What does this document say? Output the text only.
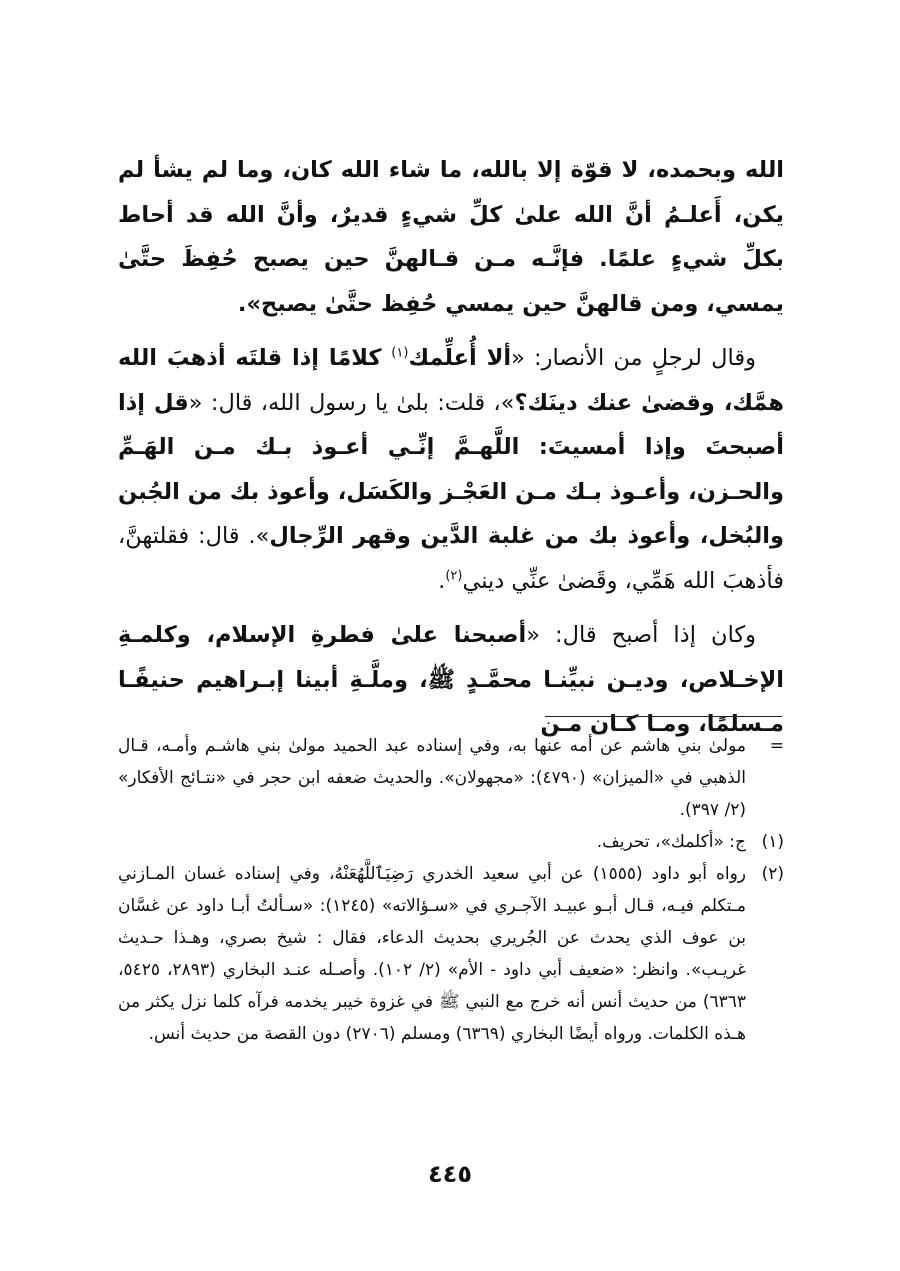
الله وبحمده، لا قوّة إلا بالله، ما شاء الله كان، وما لم يشأ لم يكن، أَعلـمُ أنَّ الله علىٰ كلِّ شيءٍ قديرٌ، وأنَّ الله قد أحاط بكلِّ شيءٍ علمًا. فإنَّـه مـن قـالهنَّ حين يصبح حُفِظَ حتَّىٰ يمسي، ومن قالهنَّ حين يمسي حُفِظ حتَّىٰ يصبح».

وقال لرجلٍ من الأنصار: «ألا أُعلِّمك$^{(١)}$ كلامًا إذا قلتَه أذهبَ الله همَّك، وقضىٰ عنك دينَك؟»، قلت: بلىٰ يا رسول الله، قال: «قل إذا أصبحتَ وإذا أمسيتَ: اللَّهـمَّ إنِّـي أعـوذ بـك مـن الهَـمِّ والحـزن، وأعـوذ بـك مـن العَجْـز والكَسَل، وأعوذ بك من الجُبن والبُخل، وأعوذ بك من غلبة الدَّين وقهر الرِّجال». قال: فقلتهنَّ، فأذهبَ الله هَمِّي، وقَضىٰ عنِّي ديني$^{(٢)}$.

وكان إذا أصبح قال: «أصبحنا علىٰ فطرةِ الإسلام، وكلمـةِ الإخـلاص، وديـن نبيِّنـا محمَّـدٍ ﷺ، وملَّـةِ أبينا إبـراهيم حنيفًـا مـسلمًا، ومـا كـان مـن

=
مولىٰ بني هاشم عن أمه عنها به، وفي إسناده عبد الحميد مولىٰ بني هاشـم وأمـه، قـال الذهبي في «الميزان» (٤٧٩٠): «مجهولان». والحديث ضعفه ابن حجر في «نتـائج الأفكار» (٢/ ٣٩٧).
(١)
ج: «أكلمك»، تحريف.
(٢)
رواه أبو داود (١٥٥٥) عن أبي سعيد الخدري رَضِيَٱللَّهُعَنْهُ، وفي إسناده غسان المـازني مـتكلم فيـه، قـال أبـو عبيـد الآجـري في «سـؤالاته» (١٢٤٥): «سـألتُ أبـا داود عن غسَّان بن عوف الذي يحدث عن الجُريري بحديث الدعاء، فقال : شيخ بصري، وهـذا حـديث غريـب». وانظر: «ضعيف أبي داود - الأم» (٢/ ١٠٢). وأصـله عنـد البخاري (٢٨٩٣، ٥٤٢٥، ٦٣٦٣) من حديث أنس أنه خرج مع النبي ﷺ في غزوة خيبر يخدمه فرآه كلما نزل يكثر من هـذه الكلمات. ورواه أيضًا البخاري (٦٣٦٩) ومسلم (٢٧٠٦) دون القصة من حديث أنس.
٤٤٥
